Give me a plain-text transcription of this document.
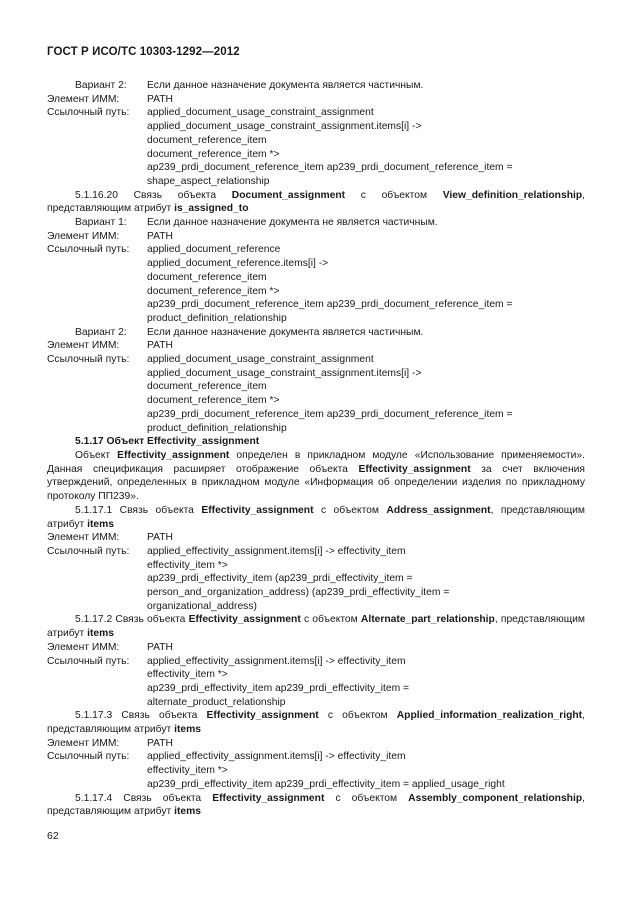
ГОСТ Р ИСО/ТС 10303-1292—2012
Вариант 2:	Если данное назначение документа является частичным.
Элемент ИММ:	PATH
Ссылочный путь:	applied_document_usage_constraint_assignment
applied_document_usage_constraint_assignment.items[i] ->
document_reference_item
document_reference_item *>
ap239_prdi_document_reference_item ap239_prdi_document_reference_item =
shape_aspect_relationship
5.1.16.20 Связь объекта Document_assignment с объектом View_definition_relationship, представляющим атрибут is_assigned_to
Вариант 1:	Если данное назначение документа не является частичным.
Элемент ИММ:	PATH
Ссылочный путь:	applied_document_reference
applied_document_reference.items[i] ->
document_reference_item
document_reference_item *>
ap239_prdi_document_reference_item ap239_prdi_document_reference_item =
product_definition_relationship
Вариант 2:	Если данное назначение документа является частичным.
Элемент ИММ:	PATH
Ссылочный путь:	applied_document_usage_constraint_assignment
applied_document_usage_constraint_assignment.items[i] ->
document_reference_item
document_reference_item *>
ap239_prdi_document_reference_item ap239_prdi_document_reference_item =
product_definition_relationship
5.1.17 Объект Effectivity_assignment
Объект Effectivity_assignment определен в прикладном модуле «Использование применяемости». Данная спецификация расширяет отображение объекта Effectivity_assignment за счет включения утверждений, определенных в прикладном модуле «Информация об определении изделия по прикладному протоколу ПП239».
5.1.17.1 Связь объекта Effectivity_assignment с объектом Address_assignment, представляющим атрибут items
Элемент ИММ:	PATH
Ссылочный путь:	applied_effectivity_assignment.items[i] -> effectivity_item
effectivity_item *>
ap239_prdi_effectivity_item (ap239_prdi_effectivity_item =
person_and_organization_address) (ap239_prdi_effectivity_item =
organizational_address)
5.1.17.2 Связь объекта Effectivity_assignment с объектом Alternate_part_relationship, представляющим атрибут items
Элемент ИММ:	PATH
Ссылочный путь:	applied_effectivity_assignment.items[i] -> effectivity_item
effectivity_item *>
ap239_prdi_effectivity_item ap239_prdi_effectivity_item =
alternate_product_relationship
5.1.17.3 Связь объекта Effectivity_assignment с объектом Applied_information_realization_right, представляющим атрибут items
Элемент ИММ:	PATH
Ссылочный путь:	applied_effectivity_assignment.items[i] -> effectivity_item
effectivity_item *>
ap239_prdi_effectivity_item ap239_prdi_effectivity_item = applied_usage_right
5.1.17.4 Связь объекта Effectivity_assignment с объектом Assembly_component_relationship, представляющим атрибут items
62
